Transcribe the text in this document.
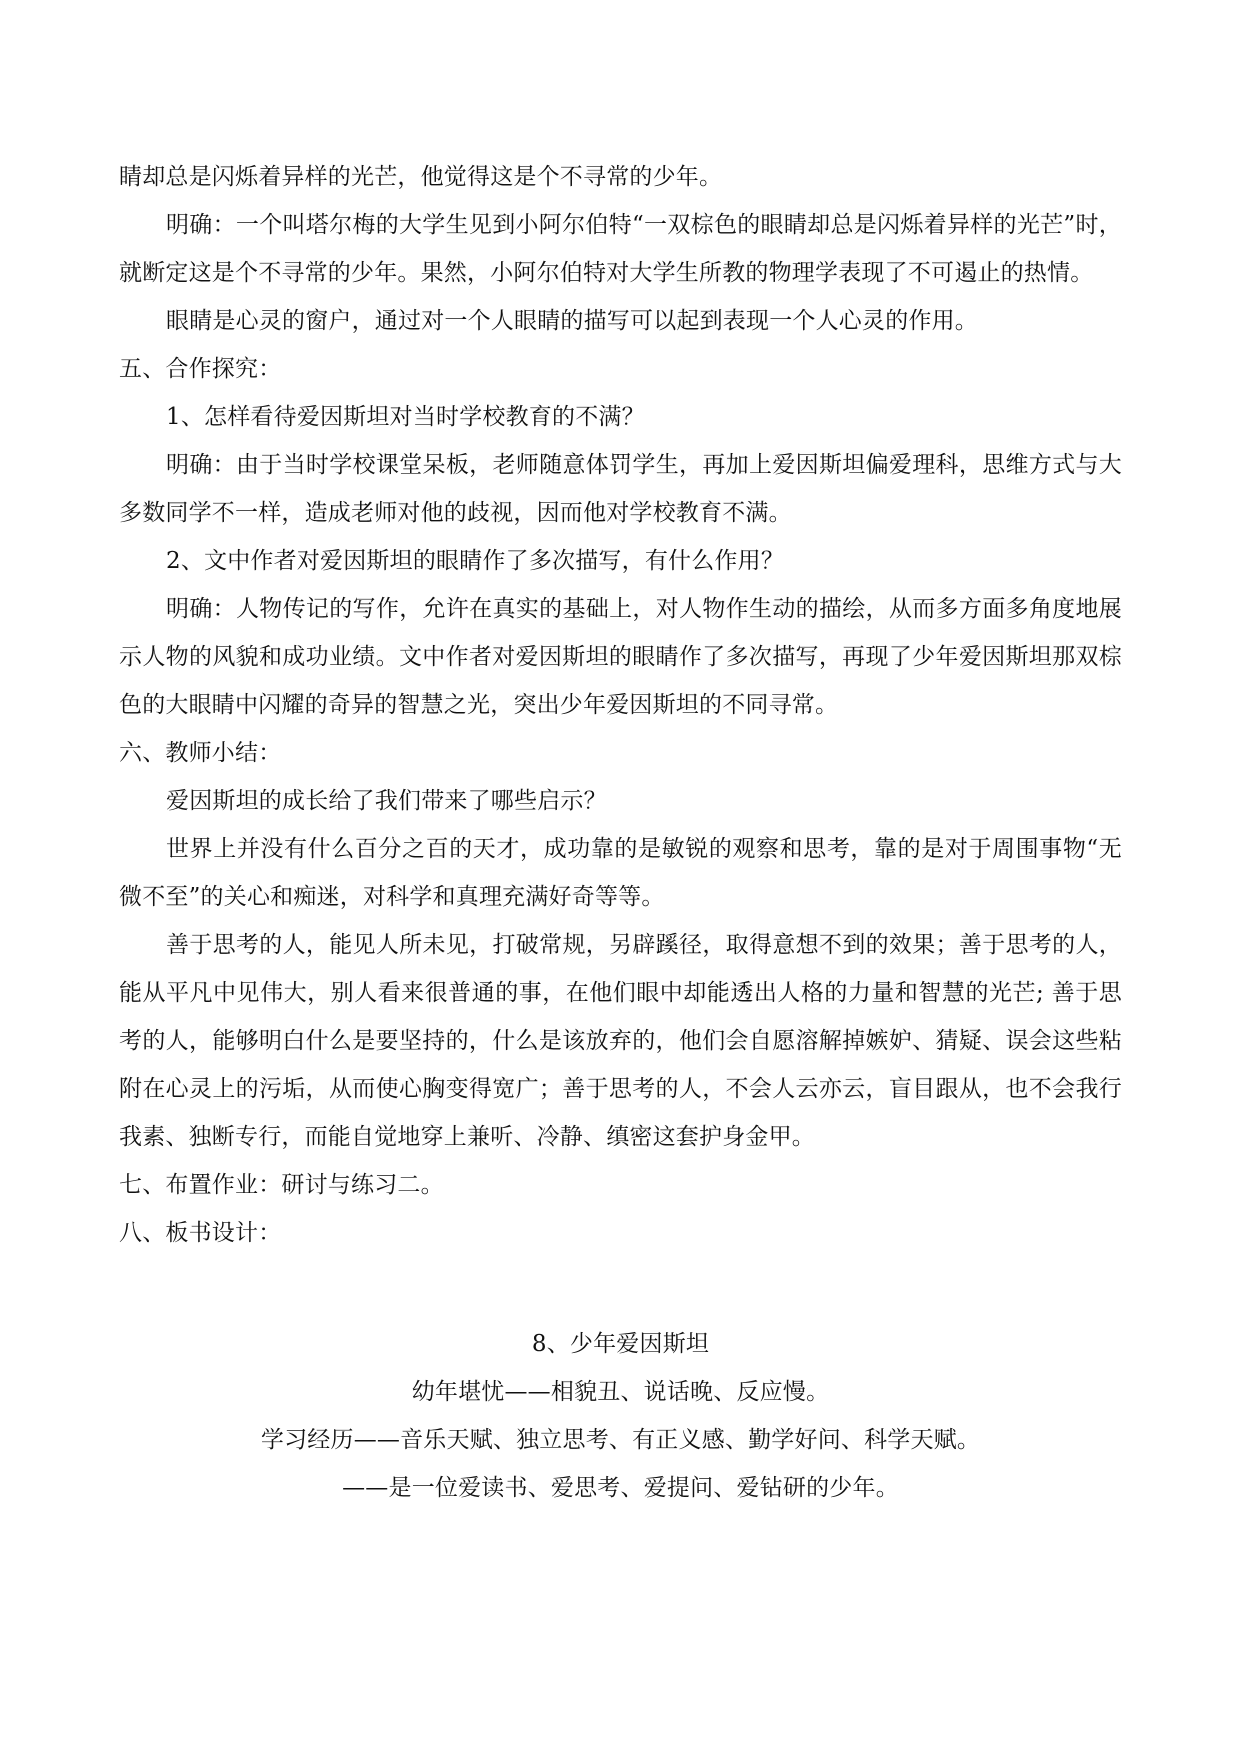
睛却总是闪烁着异样的光芒，他觉得这是个不寻常的少年。

明确：一个叫塔尔梅的大学生见到小阿尔伯特“一双棕色的眼睛却总是闪烁着异样的光芒”时，就断定这是个不寻常的少年。果然，小阿尔伯特对大学生所教的物理学表现了不可遏止的热情。

眼睛是心灵的窗户，通过对一个人眼睛的描写可以起到表现一个人心灵的作用。

五、合作探究：

1、怎样看待爱因斯坦对当时学校教育的不满？

明确：由于当时学校课堂呆板，老师随意体罚学生，再加上爱因斯坦偏爱理科，思维方式与大多数同学不一样，造成老师对他的歧视，因而他对学校教育不满。

2、文中作者对爱因斯坦的眼睛作了多次描写，有什么作用？

明确：人物传记的写作，允许在真实的基础上，对人物作生动的描绘，从而多方面多角度地展示人物的风貌和成功业绩。文中作者对爱因斯坦的眼睛作了多次描写，再现了少年爱因斯坦那双棕色的大眼睛中闪耀的奇异的智慧之光，突出少年爱因斯坦的不同寻常。

六、教师小结：

爱因斯坦的成长给了我们带来了哪些启示？

世界上并没有什么百分之百的天才，成功靠的是敏锐的观察和思考，靠的是对于周围事物“无微不至”的关心和痴迷，对科学和真理充满好奇等等。

善于思考的人，能见人所未见，打破常规，另辟蹊径，取得意想不到的效果；善于思考的人，能从平凡中见伟大，别人看来很普通的事，在他们眼中却能透出人格的力量和智慧的光芒; 善于思考的人，能够明白什么是要坚持的，什么是该放弃的，他们会自愿溶解掉嫉妒、猜疑、误会这些粘附在心灵上的污垢，从而使心胸变得宽广；善于思考的人，不会人云亦云，盲目跟从，也不会我行我素、独断专行，而能自觉地穿上兼听、冷静、缜密这套护身金甲。

七、布置作业：研讨与练习二。

八、板书设计：

8、少年爱因斯坦

幼年堪忧——相貌丑、说话晚、反应慢。

学习经历——音乐天赋、独立思考、有正义感、勤学好问、科学天赋。

——是一位爱读书、爱思考、爱提问、爱钻研的少年。
